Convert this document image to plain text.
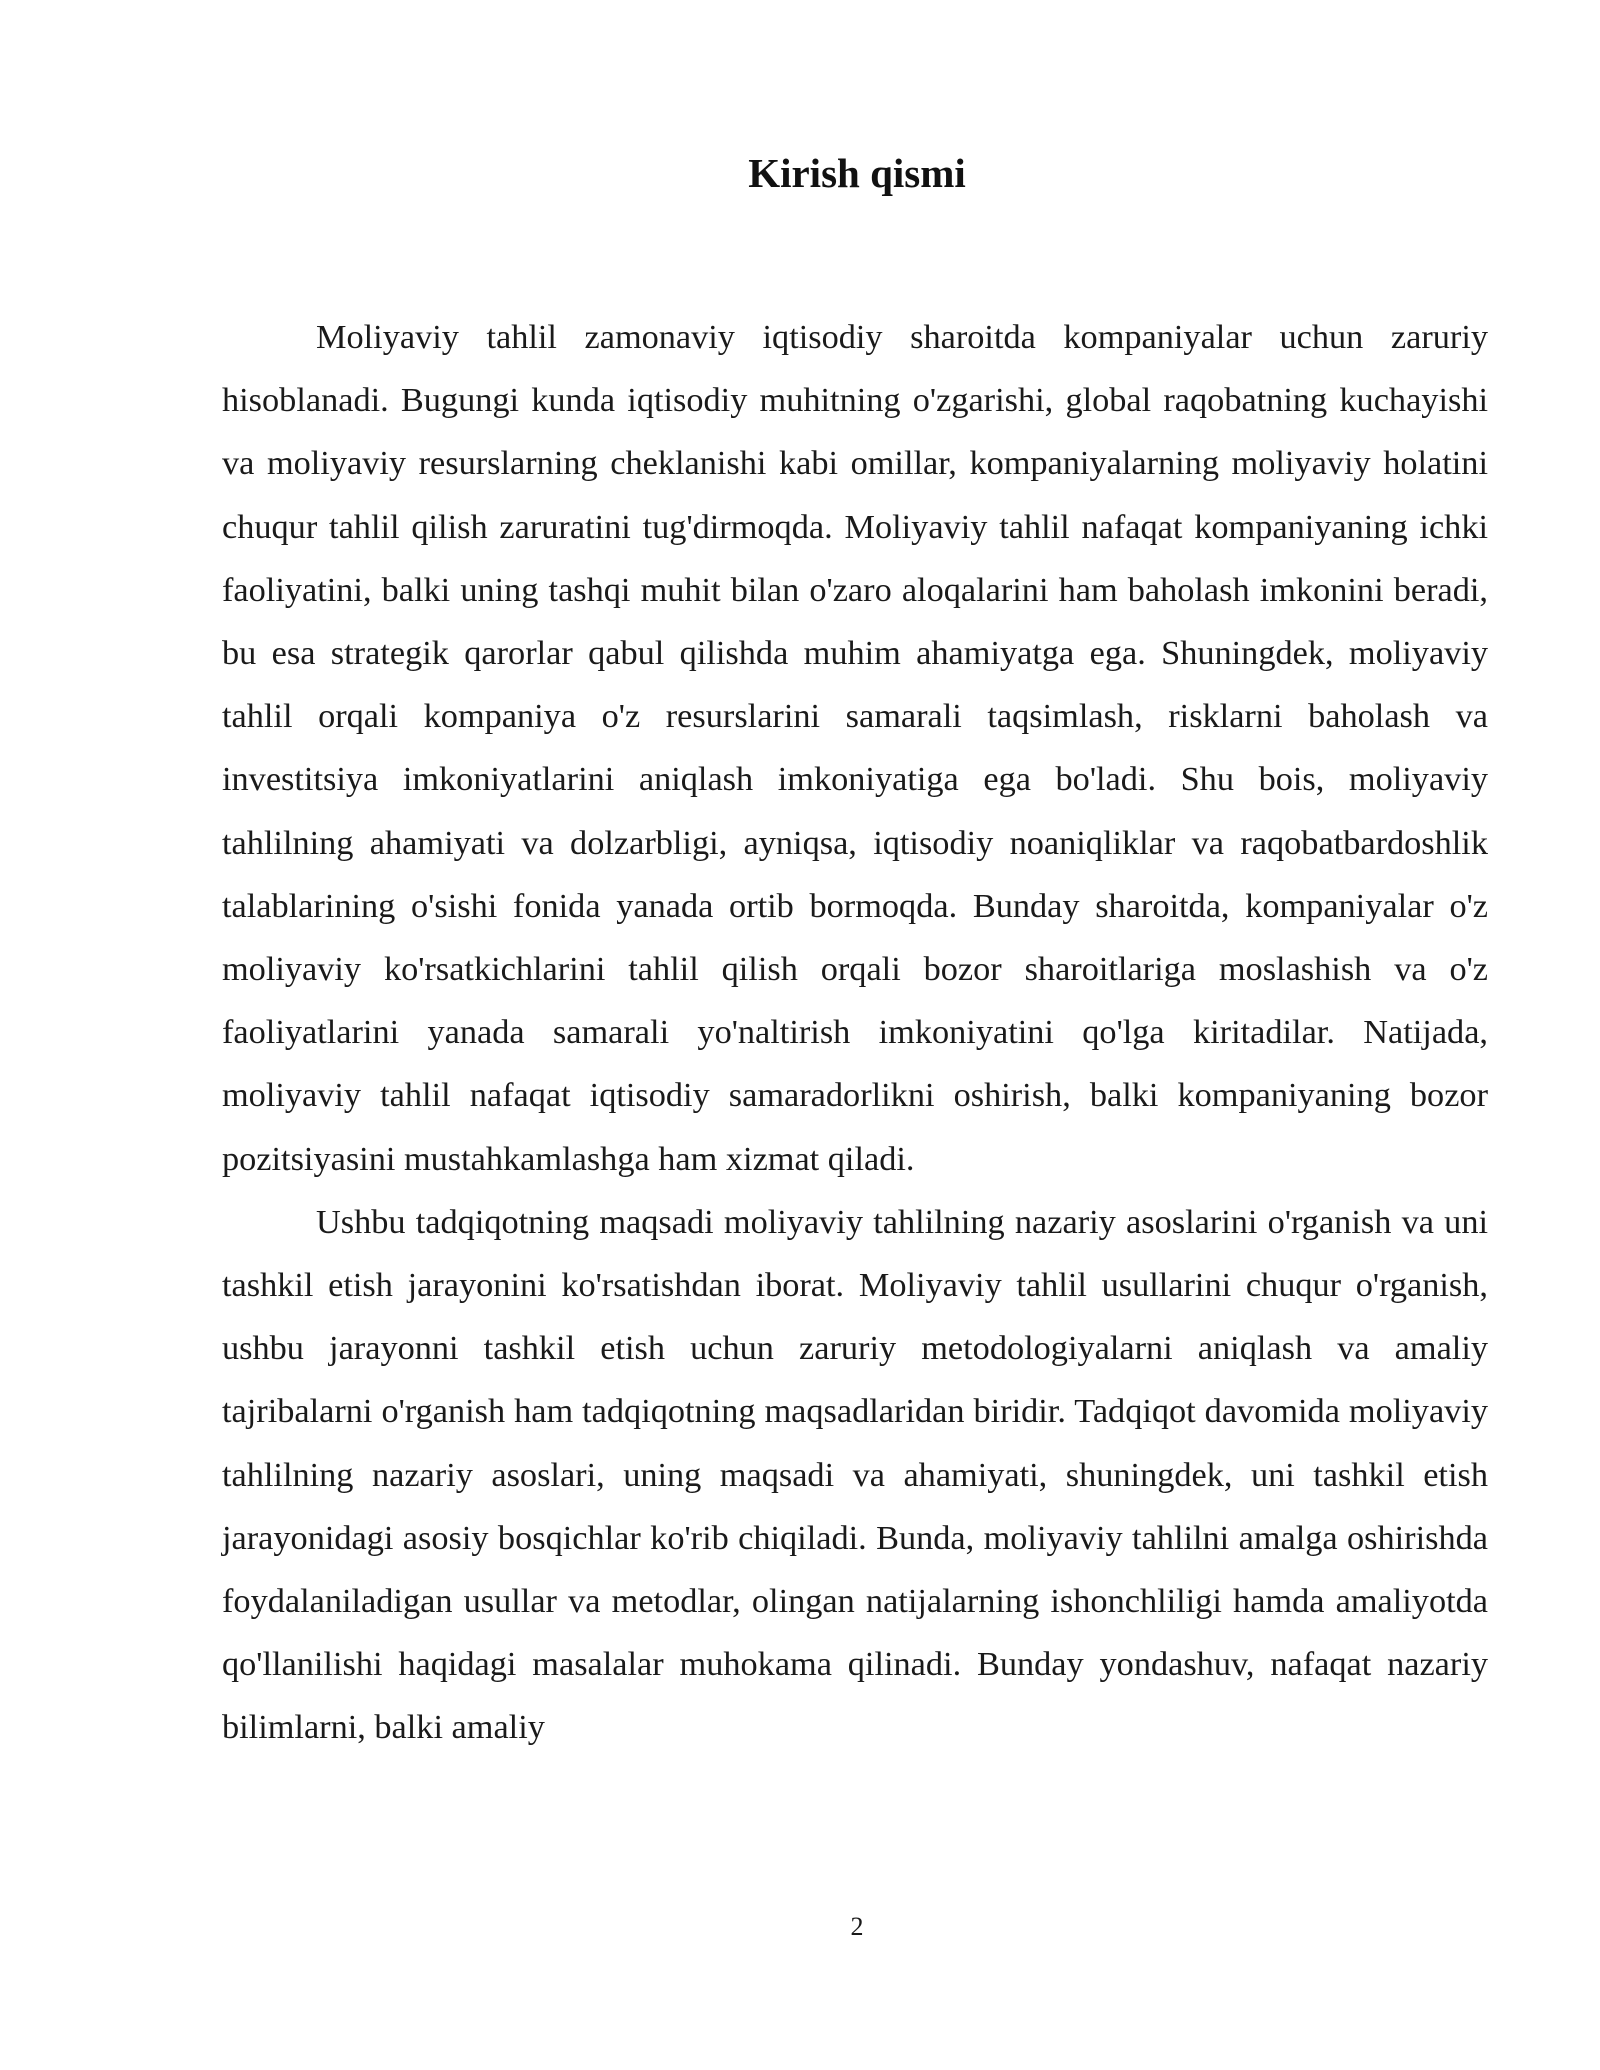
Kirish qismi

Moliyaviy tahlil zamonaviy iqtisodiy sharoitda kompaniyalar uchun zaruriy hisoblanadi. Bugungi kunda iqtisodiy muhitning o'zgarishi, global raqobatning kuchayishi va moliyaviy resurslarning cheklanishi kabi omillar, kompaniyalarning moliyaviy holatini chuqur tahlil qilish zaruratini tug'dirmoqda. Moliyaviy tahlil nafaqat kompaniyaning ichki faoliyatini, balki uning tashqi muhit bilan o'zaro aloqalarini ham baholash imkonini beradi, bu esa strategik qarorlar qabul qilishda muhim ahamiyatga ega. Shuningdek, moliyaviy tahlil orqali kompaniya o'z resurslarini samarali taqsimlash, risklarni baholash va investitsiya imkoniyatlarini aniqlash imkoniyatiga ega bo'ladi. Shu bois, moliyaviy tahlilning ahamiyati va dolzarbligi, ayniqsa, iqtisodiy noaniqliklar va raqobatbardoshlik talablarining o'sishi fonida yanada ortib bormoqda. Bunday sharoitda, kompaniyalar o'z moliyaviy ko'rsatkichlarini tahlil qilish orqali bozor sharoitlariga moslashish va o'z faoliyatlarini yanada samarali yo'naltirish imkoniyatini qo'lga kiritadilar. Natijada, moliyaviy tahlil nafaqat iqtisodiy samaradorlikni oshirish, balki kompaniyaning bozor pozitsiyasini mustahkamlashga ham xizmat qiladi.

Ushbu tadqiqotning maqsadi moliyaviy tahlilning nazariy asoslarini o'rganish va uni tashkil etish jarayonini ko'rsatishdan iborat. Moliyaviy tahlil usullarini chuqur o'rganish, ushbu jarayonni tashkil etish uchun zaruriy metodologiyalarni aniqlash va amaliy tajribalarni o'rganish ham tadqiqotning maqsadlaridan biridir. Tadqiqot davomida moliyaviy tahlilning nazariy asoslari, uning maqsadi va ahamiyati, shuningdek, uni tashkil etish jarayonidagi asosiy bosqichlar ko'rib chiqiladi. Bunda, moliyaviy tahlilni amalga oshirishda foydalaniladigan usullar va metodlar, olingan natijalarning ishonchliligi hamda amaliyotda qo'llanilishi haqidagi masalalar muhokama qilinadi. Bunday yondashuv, nafaqat nazariy bilimlarni, balki amaliy

2
